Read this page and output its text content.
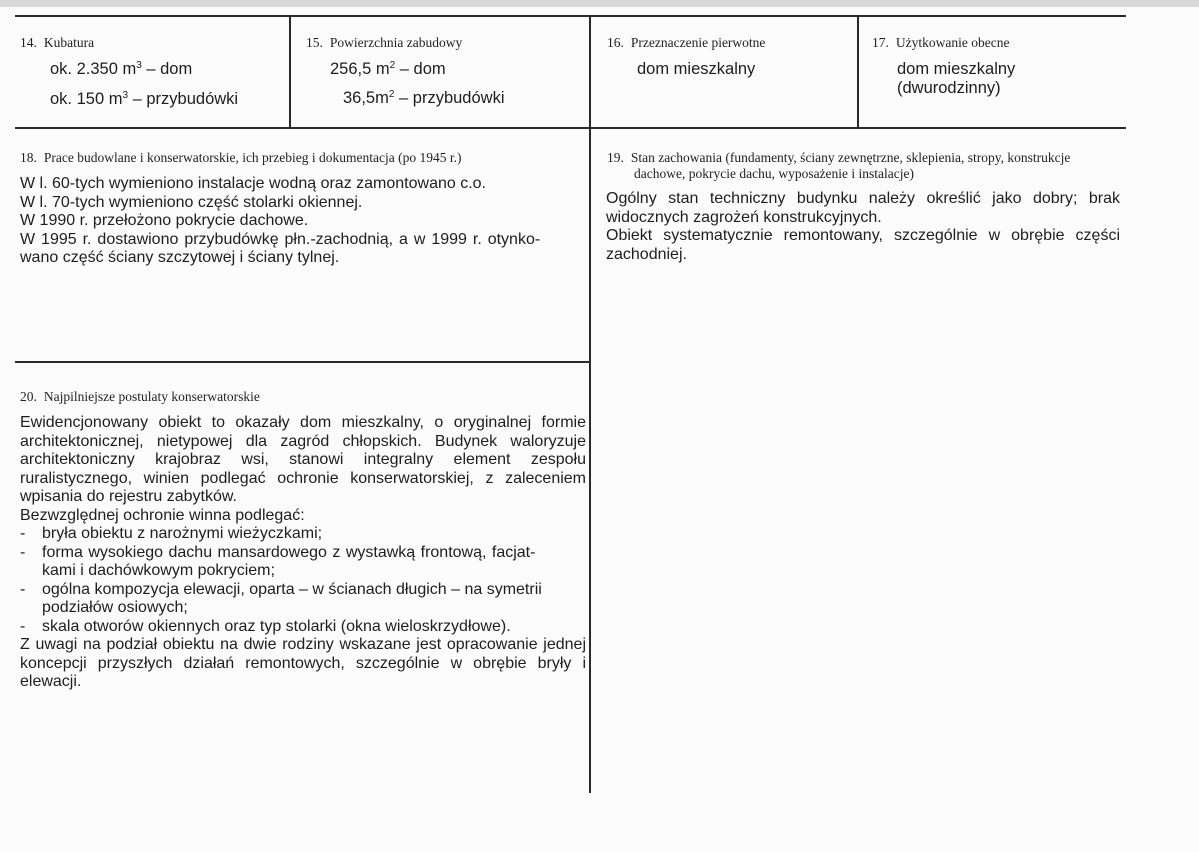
14. Kubatura
ok. 2.350 $m^3$ – dom
ok. 150 $m^3$ – przybudówki
15. Powierzchnia zabudowy
256,5 $m^2$ – dom
$36,5m^2$ – przybudówki
16. Przeznaczenie pierwotne
dom mieszkalny
17. Użytkowanie obecne
dom mieszkalny
(dwurodzinny)
18. Prace budowlane i konserwatorskie, ich przebieg i dokumentacja (po 1945 r.)
W l. 60-tych wymieniono instalacje wodną oraz zamontowano c.o.
W l. 70-tych wymieniono część stolarki okiennej.
W 1990 r. przełożono pokrycie dachowe.
W 1995 r. dostawiono przybudówkę płn.-zachodnią, a w 1999 r. otynko-
wano część ściany szczytowej i ściany tylnej.
19. Stan zachowania (fundamenty, ściany zewnętrzne, sklepienia, stropy, konstrukcje
dachowe, pokrycie dachu, wyposażenie i instalacje)
Ogólny stan techniczny budynku należy określić jako dobry; brak widocznych zagrożeń konstrukcyjnych.
Obiekt systematycznie remontowany, szczególnie w obrębie części zachodniej.
20. Najpilniejsze postulaty konserwatorskie
Ewidencjonowany obiekt to okazały dom mieszkalny, o oryginalnej formie architektonicznej, nietypowej dla zagród chłopskich. Budynek waloryzuje architektoniczny krajobraz wsi, stanowi integralny element zespołu ruralistycznego, winien podlegać ochronie konserwatorskiej, z zaleceniem wpisania do rejestru zabytków.
Bezwzględnej ochronie winna podlegać:
- bryła obiektu z narożnymi wieżyczkami;
- forma wysokiego dachu mansardowego z wystawką frontową, facjat-
kami i dachówkowym pokryciem;
- ogólna kompozycja elewacji, oparta – w ścianach długich – na symetrii
podziałów osiowych;
- skala otworów okiennych oraz typ stolarki (okna wieloskrzydłowe).
Z uwagi na podział obiektu na dwie rodziny wskazane jest opracowanie jednej koncepcji przyszłych działań remontowych, szczególnie w obrębie bryły i elewacji.
